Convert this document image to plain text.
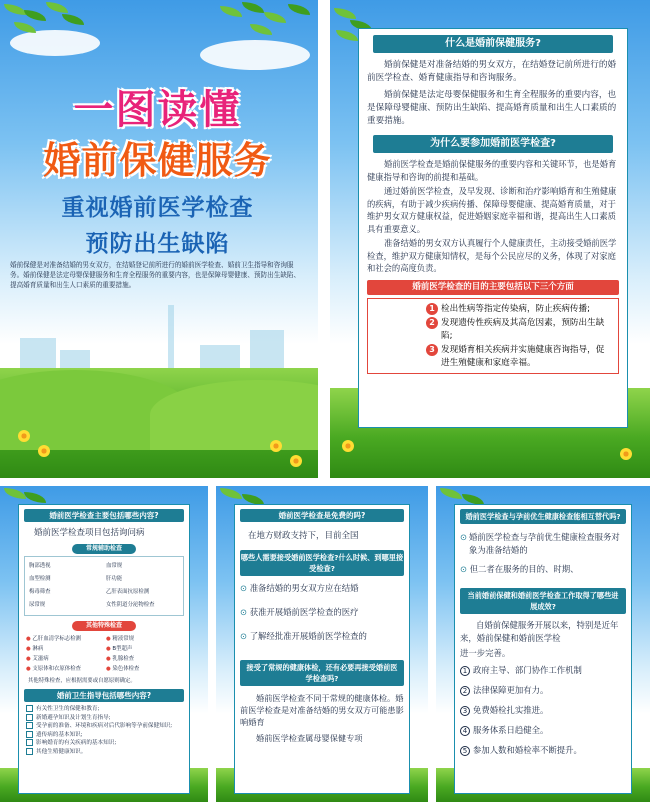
一图读懂
婚前保健服务
重视婚前医学检查
预防出生缺陷
婚前保健是对准备结婚的男女双方，在结婚登记前所进行的婚前医学检查、婚前卫生指导和咨询服务。婚前保健是法定母婴保健服务和生育全程服务的重要内容，也是保障母婴健康、预防出生缺陷、提高婚育质量和出生人口素质的重要措施。
什么是婚前保健服务?
婚前保健是对准备结婚的男女双方，在结婚登记前所进行的婚前医学检查、婚育健康指导和咨询服务。
婚前保健是法定母婴保健服务和生育全程服务的重要内容，也是保障母婴健康、预防出生缺陷、提高婚育质量和出生人口素质的重要措施。
为什么要参加婚前医学检查?
婚前医学检查是婚前保健服务的重要内容和关键环节，也是婚育健康指导和咨询的前提和基础。
通过婚前医学检查，及早发现、诊断和治疗影响婚育和生殖健康的疾病，有助于减少疾病传播、保障母婴健康、提高婚育质量，对于维护男女双方健康权益，促进婚姻家庭幸福和谐，提高出生人口素质具有重要意义。
准备结婚的男女双方认真履行个人健康责任，主动接受婚前医学检查，维护双方健康知情权，是每个公民应尽的义务，体现了对家庭和社会的高度负责。
婚前医学检查的目的主要包括以下三个方面
1 检出性病等指定传染病，防止疾病传播;
2 发现遗传性疾病及其高危因素，预防出生缺陷;
3 发现婚育相关疾病并实施健康咨询指导，促进生殖健康和家庭幸福。
婚前医学检查主要包括哪些内容?
婚前医学检查项目包括询问病
常规辅助检查
胸部透视	血常规
血型检测	肝功能
梅毒筛查	乙肝表面抗原检测
尿常规	女性阴道分泌物检查
其他特殊检查
● 乙肝血清学标志检测	● 精液常规
● 淋病	● B型超声
● 艾滋病	● 乳腺检查
● 支原体和衣原体检查	● 染色体检查
其他特殊检查，应根据需要或自愿原则确定。
婚前卫生指导包括哪些内容?
有关性卫生的保健和教育;
新婚避孕知识及计划生育指导;
受孕前的准备、环境和疾病对后代影响等孕前保健知识;
遗传病的基本知识;
影响婚育的有关疾病的基本知识;
其他生殖健康知识。
婚前医学检查是免费的吗?
在地方财政支持下，目前全国
哪些人需要接受婚前医学检查?什么时候、到哪里接受检查?
⊙ 准备结婚的男女双方应在结婚
⊙ 获准开展婚前医学检查的医疗
⊙ 了解经批准开展婚前医学检查的
接受了常规的健康体检，还有必要再接受婚前医学检查吗?
婚前医学检查不同于常规的健康体检。婚前医学检查是对准备结婚的男女双方可能患影响婚育
婚前医学检查属母婴保健专项
婚前医学检查与孕前优生健康检查能相互替代吗?
⊙ 婚前医学检查与孕前优生健康检查服务对象为准备结婚的
⊙ 但二者在服务的目的、时期、
当前婚前保健和婚前医学检查工作取得了哪些进展成效?
自婚前保健服务开展以来，特别是近年来，婚前保健和婚前医学检
进一步完善。
1 政府主导、部门协作工作机制
2 法律保障更加有力。
3 免费婚检扎实推进。
4 服务体系日趋健全。
5 参加人数和婚检率不断提升。
